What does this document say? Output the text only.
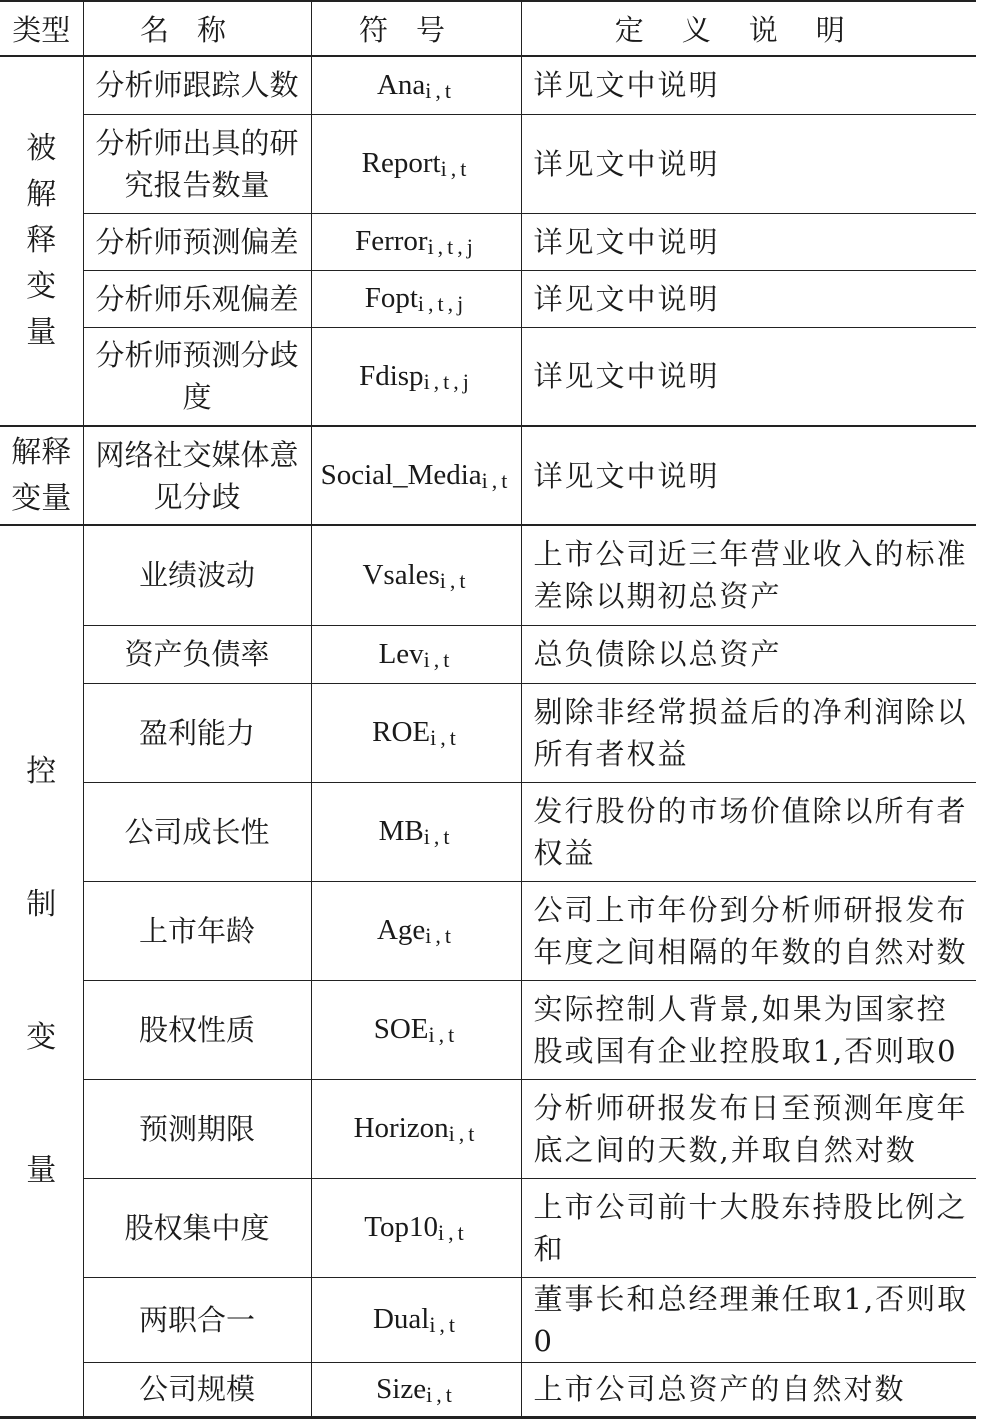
类型	名称	符号	定义说明
被解释变量	分析师跟踪人数	Ana$_{i,t}$	详见文中说明
	分析师出具的研究报告数量	Report$_{i,t}$	详见文中说明
	分析师预测偏差	Ferror$_{i,t,j}$	详见文中说明
	分析师乐观偏差	Fopt$_{i,t,j}$	详见文中说明
	分析师预测分歧度	Fdisp$_{i,t,j}$	详见文中说明
解释变量	网络社交媒体意见分歧	Social_Media$_{i,t}$	详见文中说明
控制变量	业绩波动	Vsales$_{i,t}$	上市公司近三年营业收入的标准差除以期初总资产
	资产负债率	Lev$_{i,t}$	总负债除以总资产
	盈利能力	$ROE_{i,t}$	剔除非经常损益后的净利润除以所有者权益
	公司成长性	$MB_{i,t}$	发行股份的市场价值除以所有者权益
	上市年龄	Age$_{i,t}$	公司上市年份到分析师研报发布年度之间相隔的年数的自然对数
	股权性质	$SOE_{i,t}$	实际控制人背景,如果为国家控股或国有企业控股取1,否则取0
	预测期限	Horizon$_{i,t}$	分析师研报发布日至预测年度年底之间的天数,并取自然对数
	股权集中度	$Top10_{i,t}$	上市公司前十大股东持股比例之和
	两职合一	Dual$_{i,t}$	董事长和总经理兼任取1,否则取0
	公司规模	Size$_{i,t}$	上市公司总资产的自然对数
